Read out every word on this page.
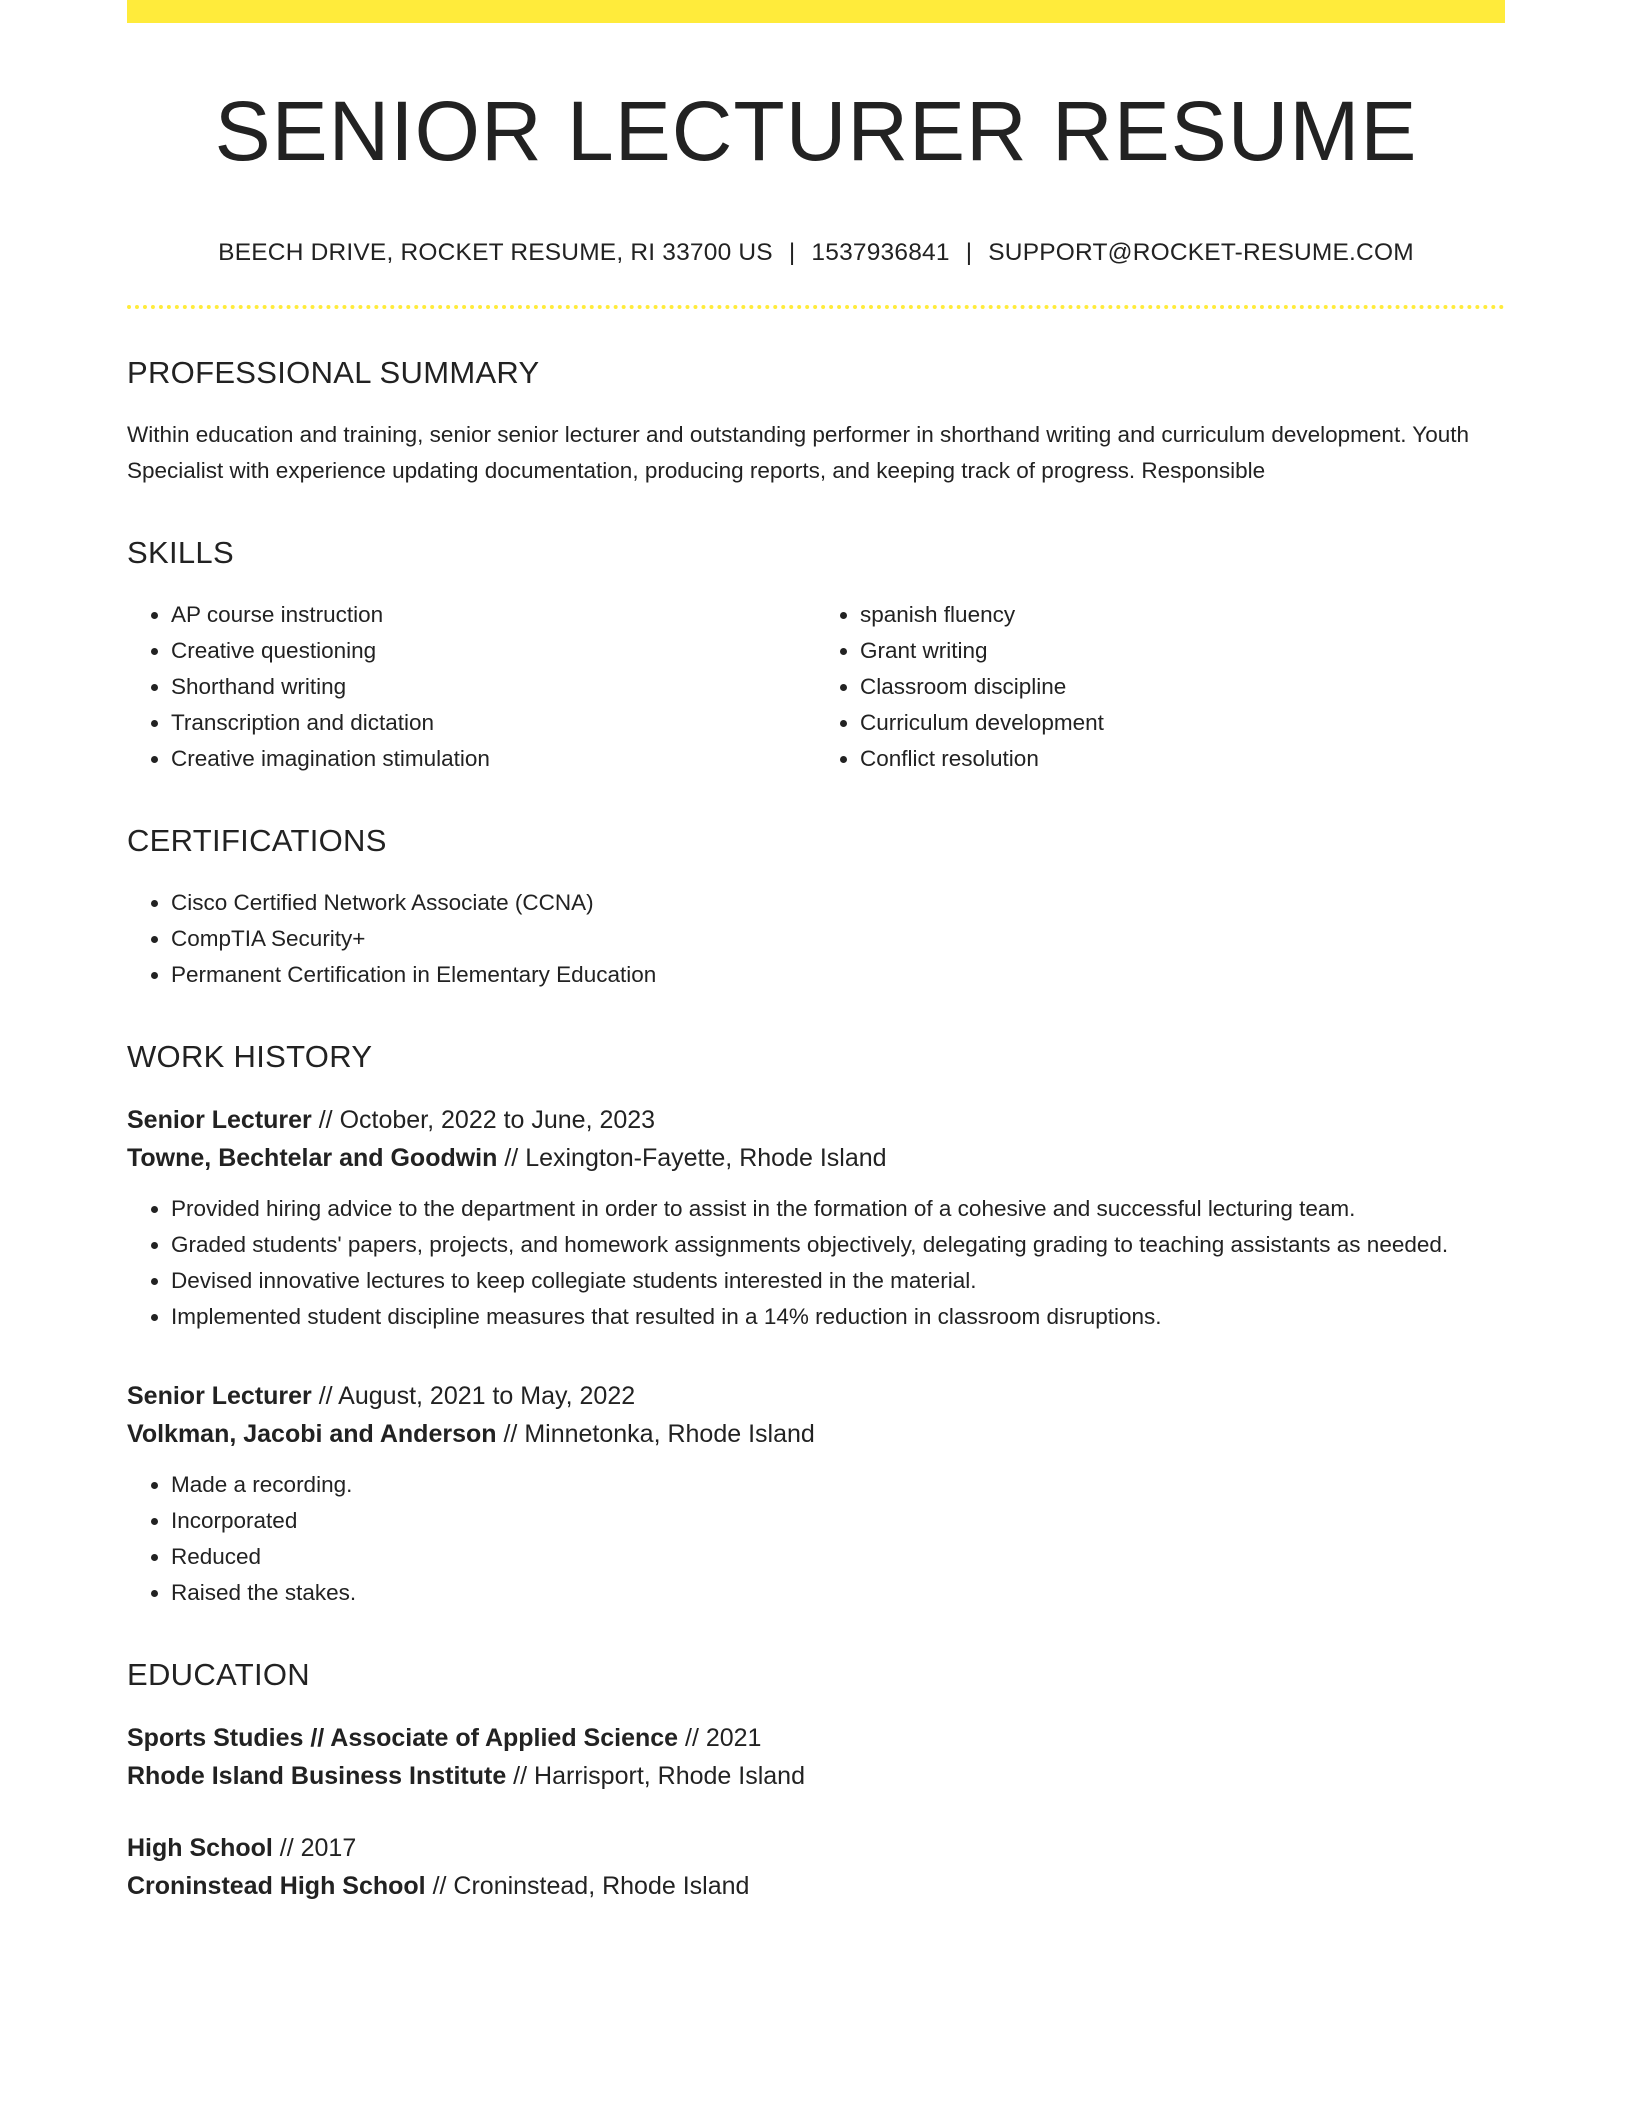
SENIOR LECTURER RESUME
BEECH DRIVE, ROCKET RESUME, RI 33700 US | 1537936841 | SUPPORT@ROCKET-RESUME.COM
PROFESSIONAL SUMMARY
Within education and training, senior senior lecturer and outstanding performer in shorthand writing and curriculum development. Youth Specialist with experience updating documentation, producing reports, and keeping track of progress. Responsible
SKILLS
• AP course instruction
• Creative questioning
• Shorthand writing
• Transcription and dictation
• Creative imagination stimulation
• spanish fluency
• Grant writing
• Classroom discipline
• Curriculum development
• Conflict resolution
CERTIFICATIONS
• Cisco Certified Network Associate (CCNA)
• CompTIA Security+
• Permanent Certification in Elementary Education
WORK HISTORY
Senior Lecturer // October, 2022 to June, 2023
Towne, Bechtelar and Goodwin // Lexington-Fayette, Rhode Island
• Provided hiring advice to the department in order to assist in the formation of a cohesive and successful lecturing team.
• Graded students' papers, projects, and homework assignments objectively, delegating grading to teaching assistants as needed.
• Devised innovative lectures to keep collegiate students interested in the material.
• Implemented student discipline measures that resulted in a 14% reduction in classroom disruptions.
Senior Lecturer // August, 2021 to May, 2022
Volkman, Jacobi and Anderson // Minnetonka, Rhode Island
• Made a recording.
• Incorporated
• Reduced
• Raised the stakes.
EDUCATION
Sports Studies // Associate of Applied Science // 2021
Rhode Island Business Institute // Harrisport, Rhode Island
High School // 2017
Croninstead High School // Croninstead, Rhode Island
